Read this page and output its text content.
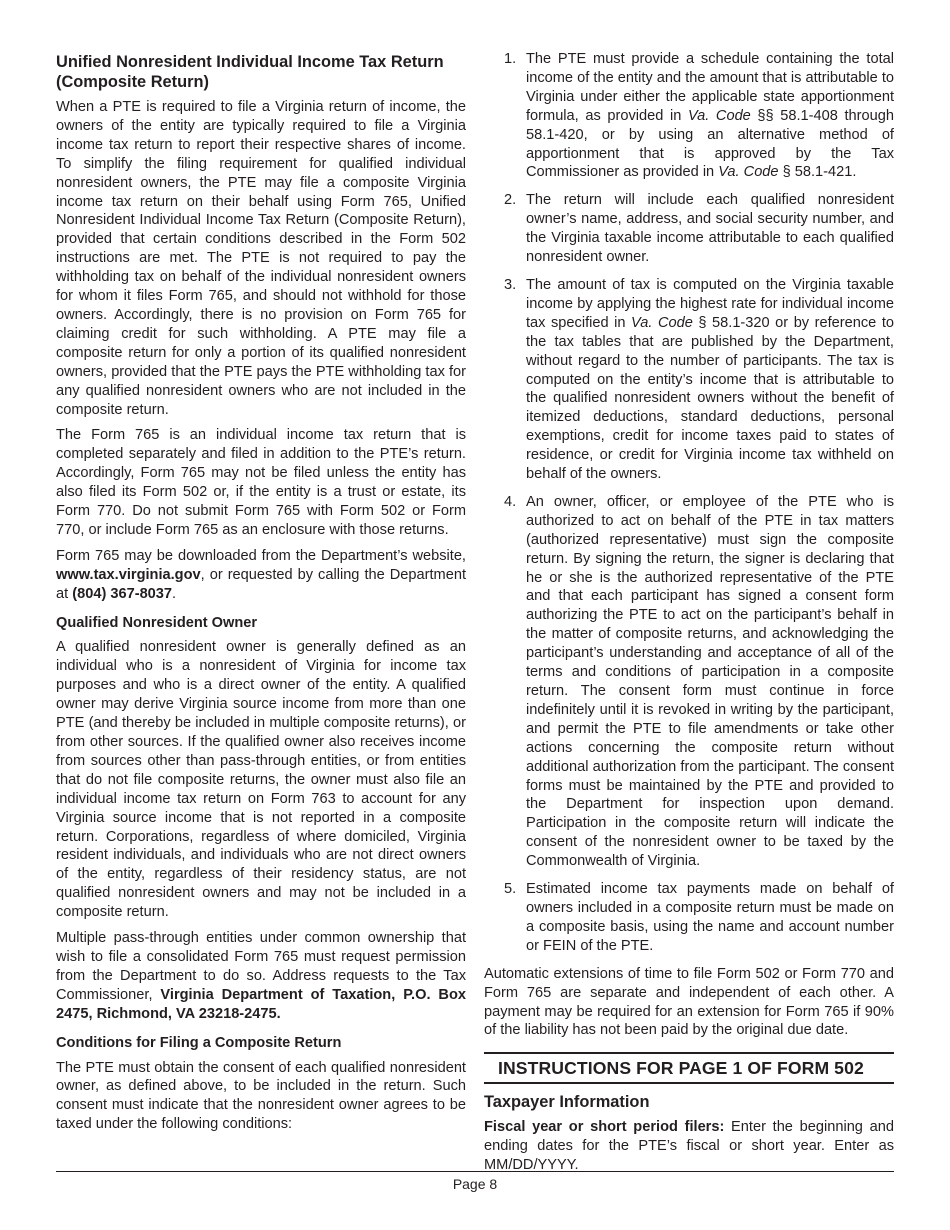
Unified Nonresident Individual Income Tax Return (Composite Return)

When a PTE is required to file a Virginia return of income, the owners of the entity are typically required to file a Virginia income tax return to report their respective shares of income. To simplify the filing requirement for qualified individual nonresident owners, the PTE may file a composite Virginia income tax return on their behalf using Form 765, Unified Nonresident Individual Income Tax Return (Composite Return), provided that certain conditions described in the Form 502 instructions are met. The PTE is not required to pay the withholding tax on behalf of the individual nonresident owners for whom it files Form 765, and should not withhold for those owners. Accordingly, there is no provision on Form 765 for claiming credit for such withholding. A PTE may file a composite return for only a portion of its qualified nonresident owners, provided that the PTE pays the PTE withholding tax for any qualified nonresident owners who are not included in the composite return.

The Form 765 is an individual income tax return that is completed separately and filed in addition to the PTE’s return. Accordingly, Form 765 may not be filed unless the entity has also filed its Form 502 or, if the entity is a trust or estate, its Form 770. Do not submit Form 765 with Form 502 or Form 770, or include Form 765 as an enclosure with those returns.

Form 765 may be downloaded from the Department’s website, www.tax.virginia.gov, or requested by calling the Department at (804) 367-8037.

Qualified Nonresident Owner

A qualified nonresident owner is generally defined as an individual who is a nonresident of Virginia for income tax purposes and who is a direct owner of the entity. A qualified owner may derive Virginia source income from more than one PTE (and thereby be included in multiple composite returns), or from other sources. If the qualified owner also receives income from sources other than pass-through entities, or from entities that do not file composite returns, the owner must also file an individual income tax return on Form 763 to account for any Virginia source income that is not reported in a composite return. Corporations, regardless of where domiciled, Virginia resident individuals, and individuals who are not direct owners of the entity, regardless of their residency status, are not qualified nonresident owners and may not be included in a composite return.

Multiple pass-through entities under common ownership that wish to file a consolidated Form 765 must request permission from the Department to do so. Address requests to the Tax Commissioner, Virginia Department of Taxation, P.O. Box 2475, Richmond, VA 23218-2475.

Conditions for Filing a Composite Return

The PTE must obtain the consent of each qualified nonresident owner, as defined above, to be included in the return. Such consent must indicate that the nonresident owner agrees to be taxed under the following conditions:

1. The PTE must provide a schedule containing the total income of the entity and the amount that is attributable to Virginia under either the applicable state apportionment formula, as provided in Va. Code §§ 58.1-408 through 58.1-420, or by using an alternative method of apportionment that is approved by the Tax Commissioner as provided in Va. Code § 58.1-421.
2. The return will include each qualified nonresident owner’s name, address, and social security number, and the Virginia taxable income attributable to each qualified nonresident owner.
3. The amount of tax is computed on the Virginia taxable income by applying the highest rate for individual income tax specified in Va. Code § 58.1-320 or by reference to the tax tables that are published by the Department, without regard to the number of participants. The tax is computed on the entity’s income that is attributable to the qualified nonresident owners without the benefit of itemized deductions, standard deductions, personal exemptions, credit for income taxes paid to states of residence, or credit for Virginia income tax withheld on behalf of the owners.
4. An owner, officer, or employee of the PTE who is authorized to act on behalf of the PTE in tax matters (authorized representative) must sign the composite return. By signing the return, the signer is declaring that he or she is the authorized representative of the PTE and that each participant has signed a consent form authorizing the PTE to act on the participant’s behalf in the matter of composite returns, and acknowledging the participant’s understanding and acceptance of all of the terms and conditions of participation in a composite return. The consent form must continue in force indefinitely until it is revoked in writing by the participant, and permit the PTE to file amendments or take other actions concerning the composite return without additional authorization from the participant. The consent forms must be maintained by the PTE and provided to the Department for inspection upon demand. Participation in the composite return will indicate the consent of the nonresident owner to be taxed by the Commonwealth of Virginia.
5. Estimated income tax payments made on behalf of owners included in a composite return must be made on a composite basis, using the name and account number or FEIN of the PTE.

Automatic extensions of time to file Form 502 or Form 770 and Form 765 are separate and independent of each other. A payment may be required for an extension for Form 765 if 90% of the liability has not been paid by the original due date.

INSTRUCTIONS FOR PAGE 1 OF FORM 502
Taxpayer Information

Fiscal year or short period filers: Enter the beginning and ending dates for the PTE’s fiscal or short year. Enter as MM/DD/YYYY.

Page 8
